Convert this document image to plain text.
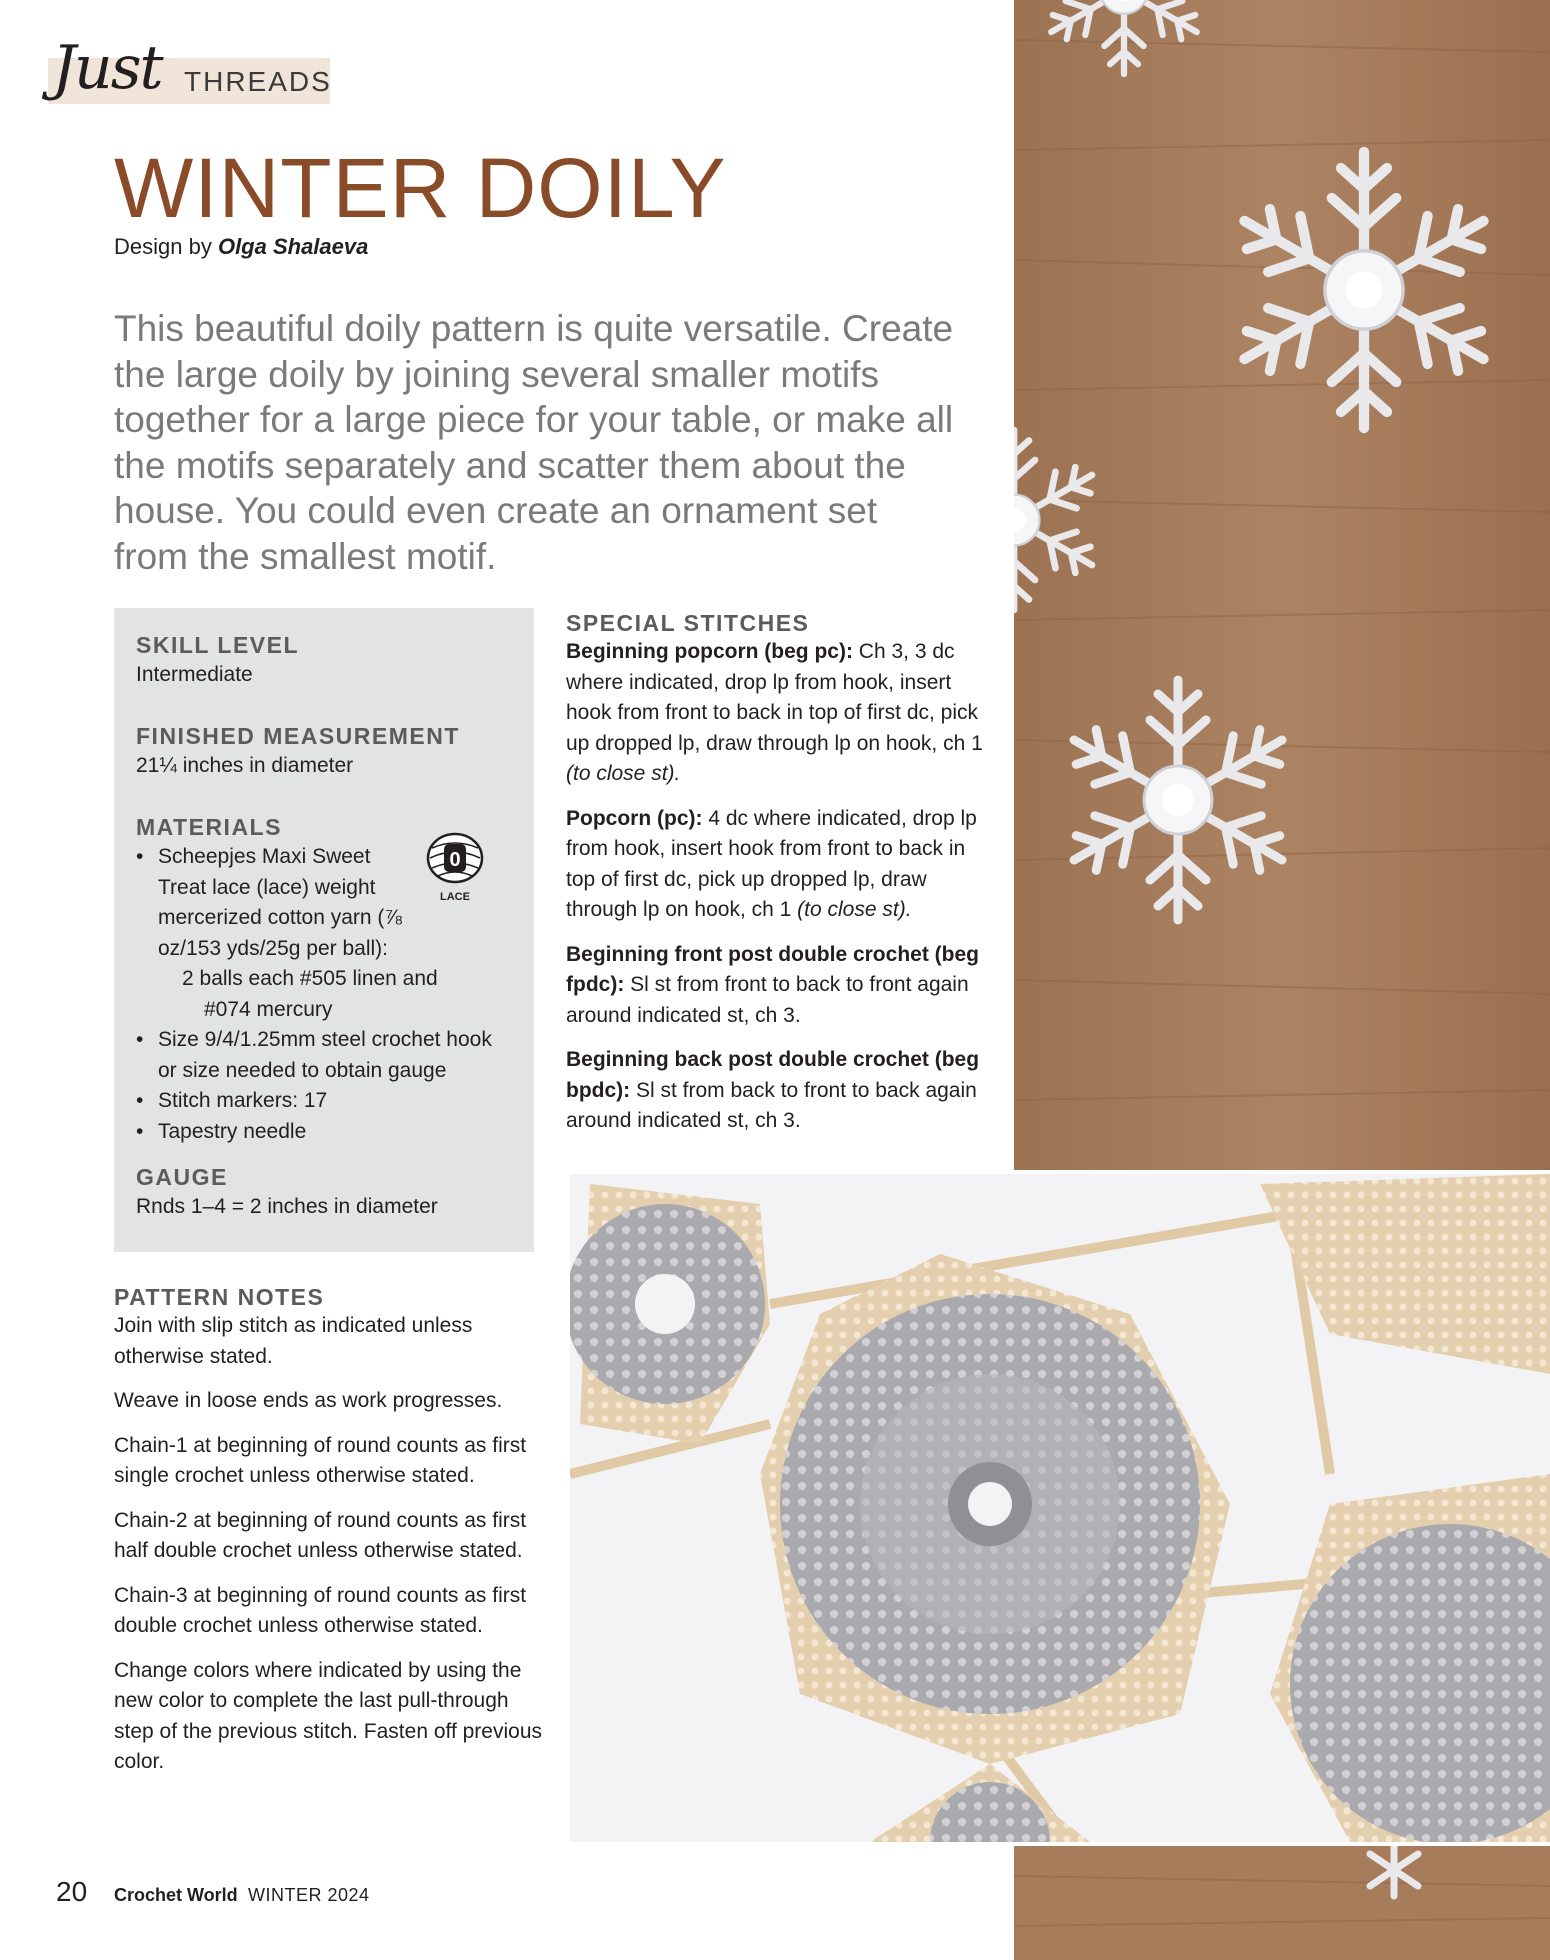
Just THREADS
WINTER DOILY
Design by Olga Shalaeva

This beautiful doily pattern is quite versatile. Create the large doily by joining several smaller motifs together for a large piece for your table, or make all the motifs separately and scatter them about the house. You could even create an ornament set from the smallest motif.

SKILL LEVEL

Intermediate

FINISHED MEASUREMENT

21¼ inches in diameter

MATERIALS

• Scheepjes Maxi Sweet Treat lace (lace) weight mercerized cotton yarn (⅞ oz/153 yds/25g per ball):

2 balls each #505 linen and

#074 mercury

• Size 9/4/1.25mm steel crochet hook or size needed to obtain gauge

• Stitch markers: 17

• Tapestry needle

GAUGE

Rnds 1–4 = 2 inches in diameter

0
LACE

SPECIAL STITCHES

Beginning popcorn (beg pc): Ch 3, 3 dc where indicated, drop lp from hook, insert hook from front to back in top of first dc, pick up dropped lp, draw through lp on hook, ch 1 (to close st).

Popcorn (pc): 4 dc where indicated, drop lp from hook, insert hook from front to back in top of first dc, pick up dropped lp, draw through lp on hook, ch 1 (to close st).

Beginning front post double crochet (beg fpdc): Sl st from front to back to front again around indicated st, ch 3.

Beginning back post double crochet (beg bpdc): Sl st from back to front to back again around indicated st, ch 3.

PATTERN NOTES

Join with slip stitch as indicated unless otherwise stated.

Weave in loose ends as work progresses.

Chain-1 at beginning of round counts as first single crochet unless otherwise stated.

Chain-2 at beginning of round counts as first half double crochet unless otherwise stated.

Chain-3 at beginning of round counts as first double crochet unless otherwise stated.

Change colors where indicated by using the new color to complete the last pull-through step of the previous stitch. Fasten off previous color.

20 Crochet World WINTER 2024
